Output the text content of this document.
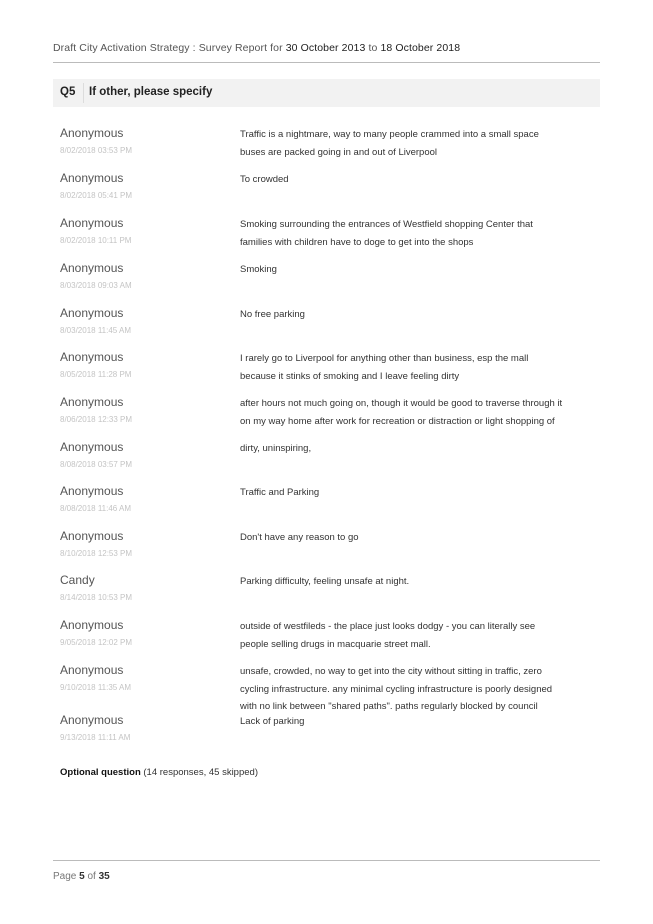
Draft City Activation Strategy : Survey Report for 30 October 2013 to 18 October 2018
Q5 If other, please specify
Anonymous
8/02/2018 03:53 PM
Traffic is a nightmare, way to many people crammed into a small space
buses are packed going in and out of Liverpool
Anonymous
8/02/2018 05:41 PM
To crowded
Anonymous
8/02/2018 10:11 PM
Smoking surrounding the entrances of Westfield shopping Center that
families with children have to doge to get into the shops
Anonymous
8/03/2018 09:03 AM
Smoking
Anonymous
8/03/2018 11:45 AM
No free parking
Anonymous
8/05/2018 11:28 PM
I rarely go to Liverpool for anything other than business, esp the mall
because it stinks of smoking and I leave feeling dirty
Anonymous
8/06/2018 12:33 PM
after hours not much going on, though it would be good to traverse through it
on my way home after work for recreation or distraction or light shopping of
Anonymous
8/08/2018 03:57 PM
dirty, uninspiring,
Anonymous
8/08/2018 11:46 AM
Traffic and Parking
Anonymous
8/10/2018 12:53 PM
Don't have any reason to go
Candy
8/14/2018 10:53 PM
Parking difficulty, feeling unsafe at night.
Anonymous
9/05/2018 12:02 PM
outside of westfileds - the place just looks dodgy - you can literally see
people selling drugs in macquarie street mall.
Anonymous
9/10/2018 11:35 AM
unsafe, crowded, no way to get into the city without sitting in traffic, zero
cycling infrastructure. any minimal cycling infrastructure is poorly designed
with no link between "shared paths". paths regularly blocked by council
Anonymous
9/13/2018 11:11 AM
Lack of parking
Optional question (14 responses, 45 skipped)
Page 5 of 35
